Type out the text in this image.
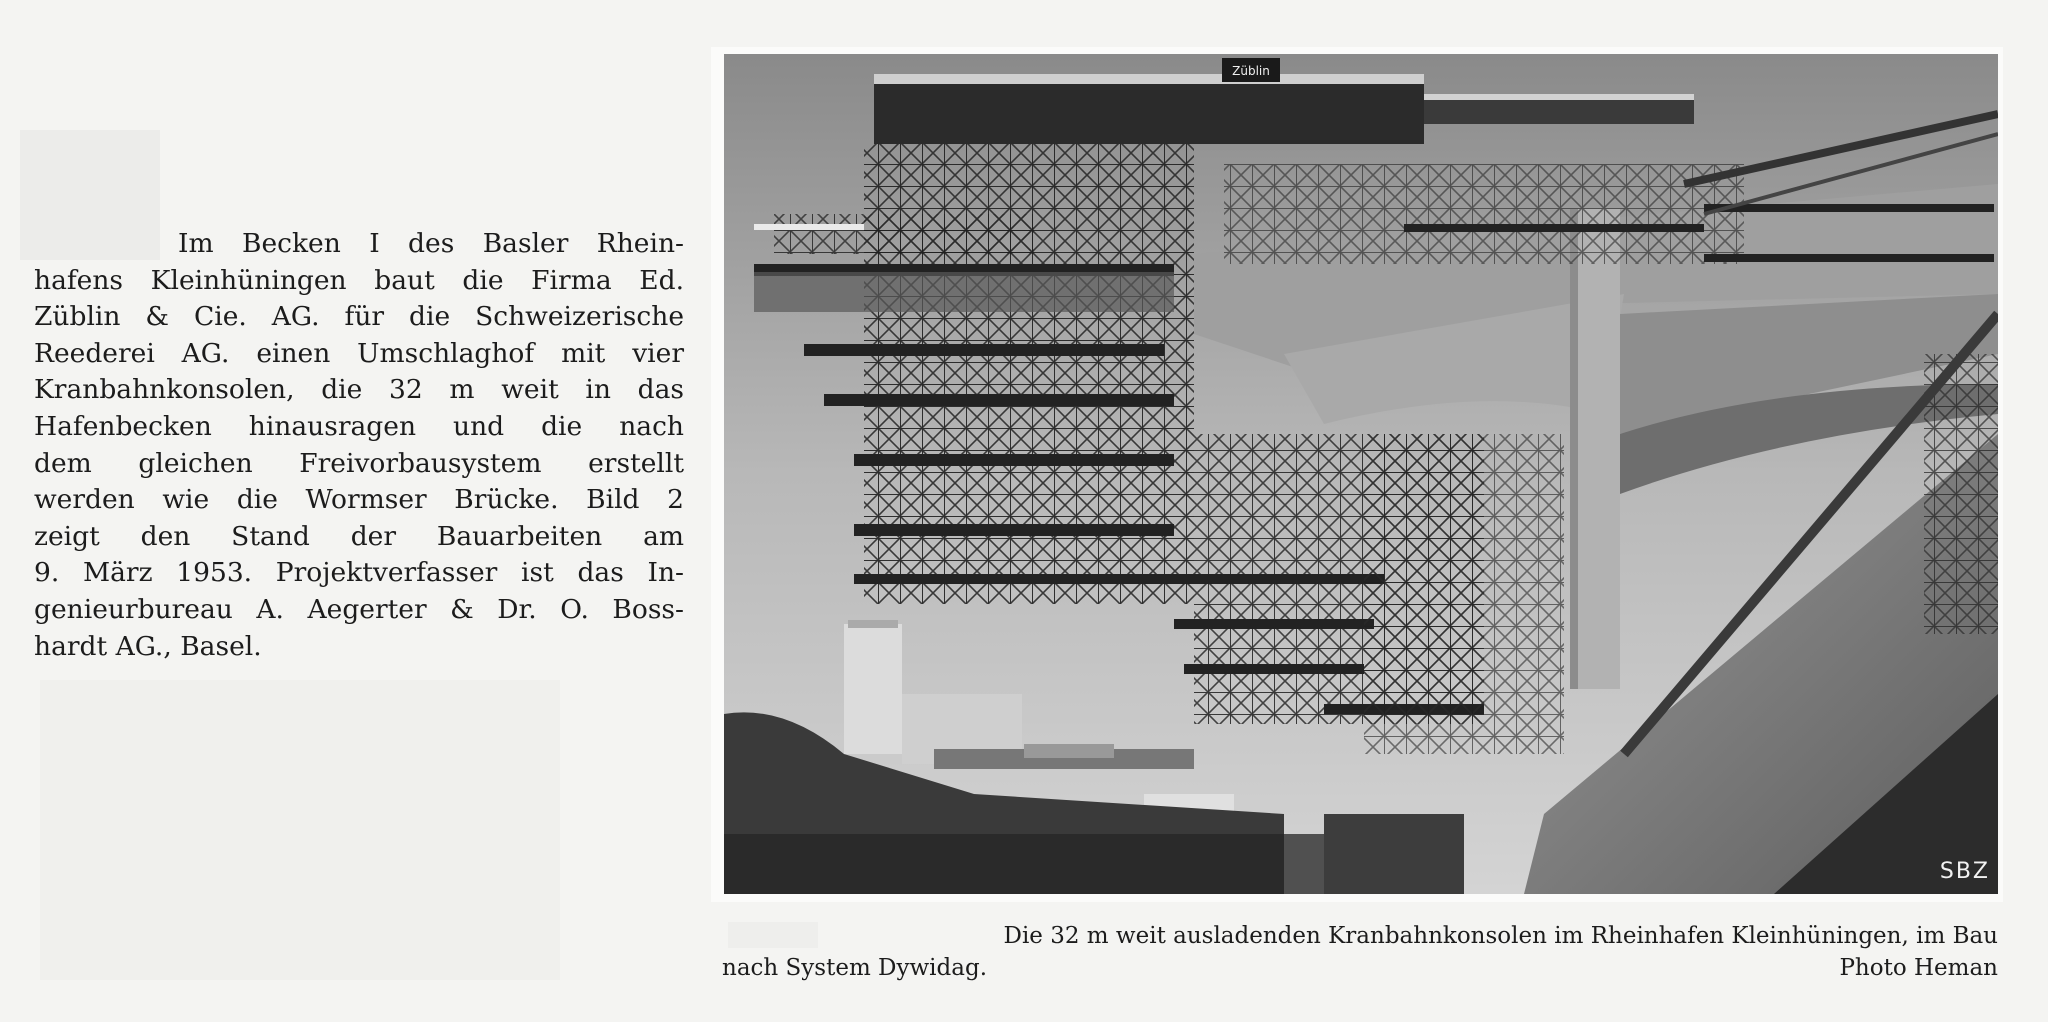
Im Becken I des Basler Rhein-
hafens Kleinhüningen baut die Firma Ed.
Züblin & Cie. AG. für die Schweizerische
Reederei AG. einen Umschlaghof mit vier
Kranbahnkonsolen, die 32 m weit in das
Hafenbecken hinausragen und die nach
dem gleichen Freivorbausystem erstellt
werden wie die Wormser Brücke. Bild 2
zeigt den Stand der Bauarbeiten am
9. März 1953. Projektverfasser ist das In-
genieurbureau A. Aegerter & Dr. O. Boss-
hardt AG., Basel.
Züblin
SBZ
Die 32 m weit ausladenden Kranbahnkonsolen im Rheinhafen Kleinhüningen, im Bau
nach System Dywidag.	Photo Heman
